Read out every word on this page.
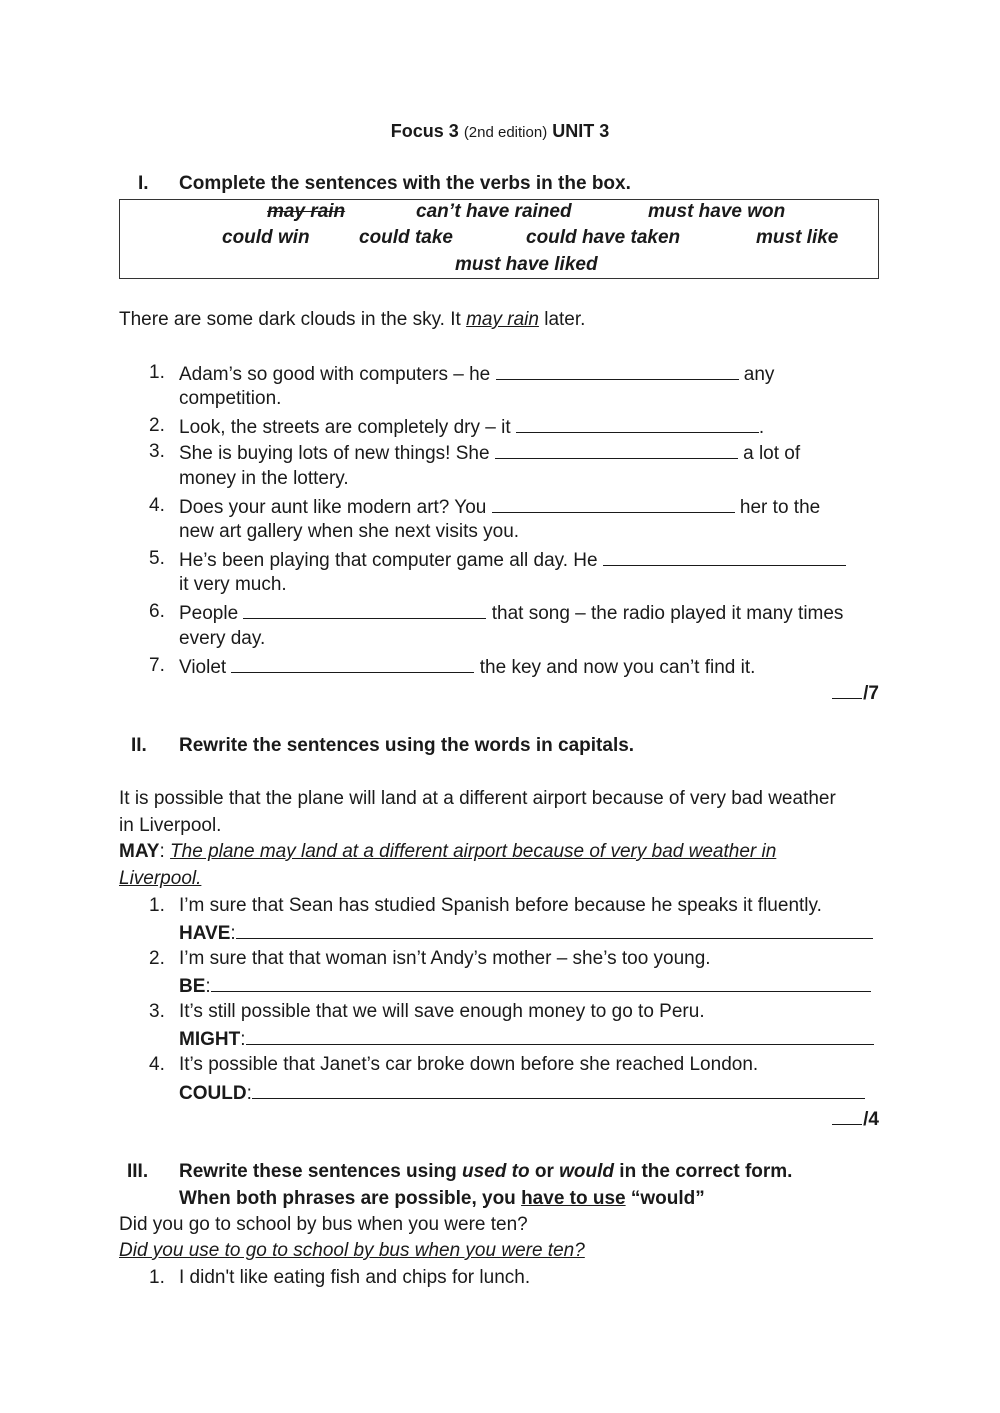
Focus 3 (2nd edition) UNIT 3
I. Complete the sentences with the verbs in the box.
may rain	can’t have rained	must have won
could win	could take	could have taken	must like
must have liked
There are some dark clouds in the sky. It may rain later.
1. Adam’s so good with computers – he	any
competition.
2. Look, the streets are completely dry – it	.
3. She is buying lots of new things! She	a lot of
money in the lottery.
4. Does your aunt like modern art? You	her to the
new art gallery when she next visits you.
5. He’s been playing that computer game all day. He
it very much.
6. People	that song – the radio played it many times
every day.
7. Violet	the key and now you can’t find it.
/7
II. Rewrite the sentences using the words in capitals.
It is possible that the plane will land at a different airport because of very bad weather
in Liverpool.
MAY: The plane may land at a different airport because of very bad weather in
Liverpool.
1. I’m sure that Sean has studied Spanish before because he speaks it fluently.
HAVE:
2. I’m sure that that woman isn’t Andy’s mother – she’s too young.
BE:
3. It’s still possible that we will save enough money to go to Peru.
MIGHT:
4. It’s possible that Janet’s car broke down before she reached London.
COULD:
/4
III. Rewrite these sentences using used to or would in the correct form.
When both phrases are possible, you have to use “would”
Did you go to school by bus when you were ten?
Did you use to go to school by bus when you were ten?
1. I didn't like eating fish and chips for lunch.
